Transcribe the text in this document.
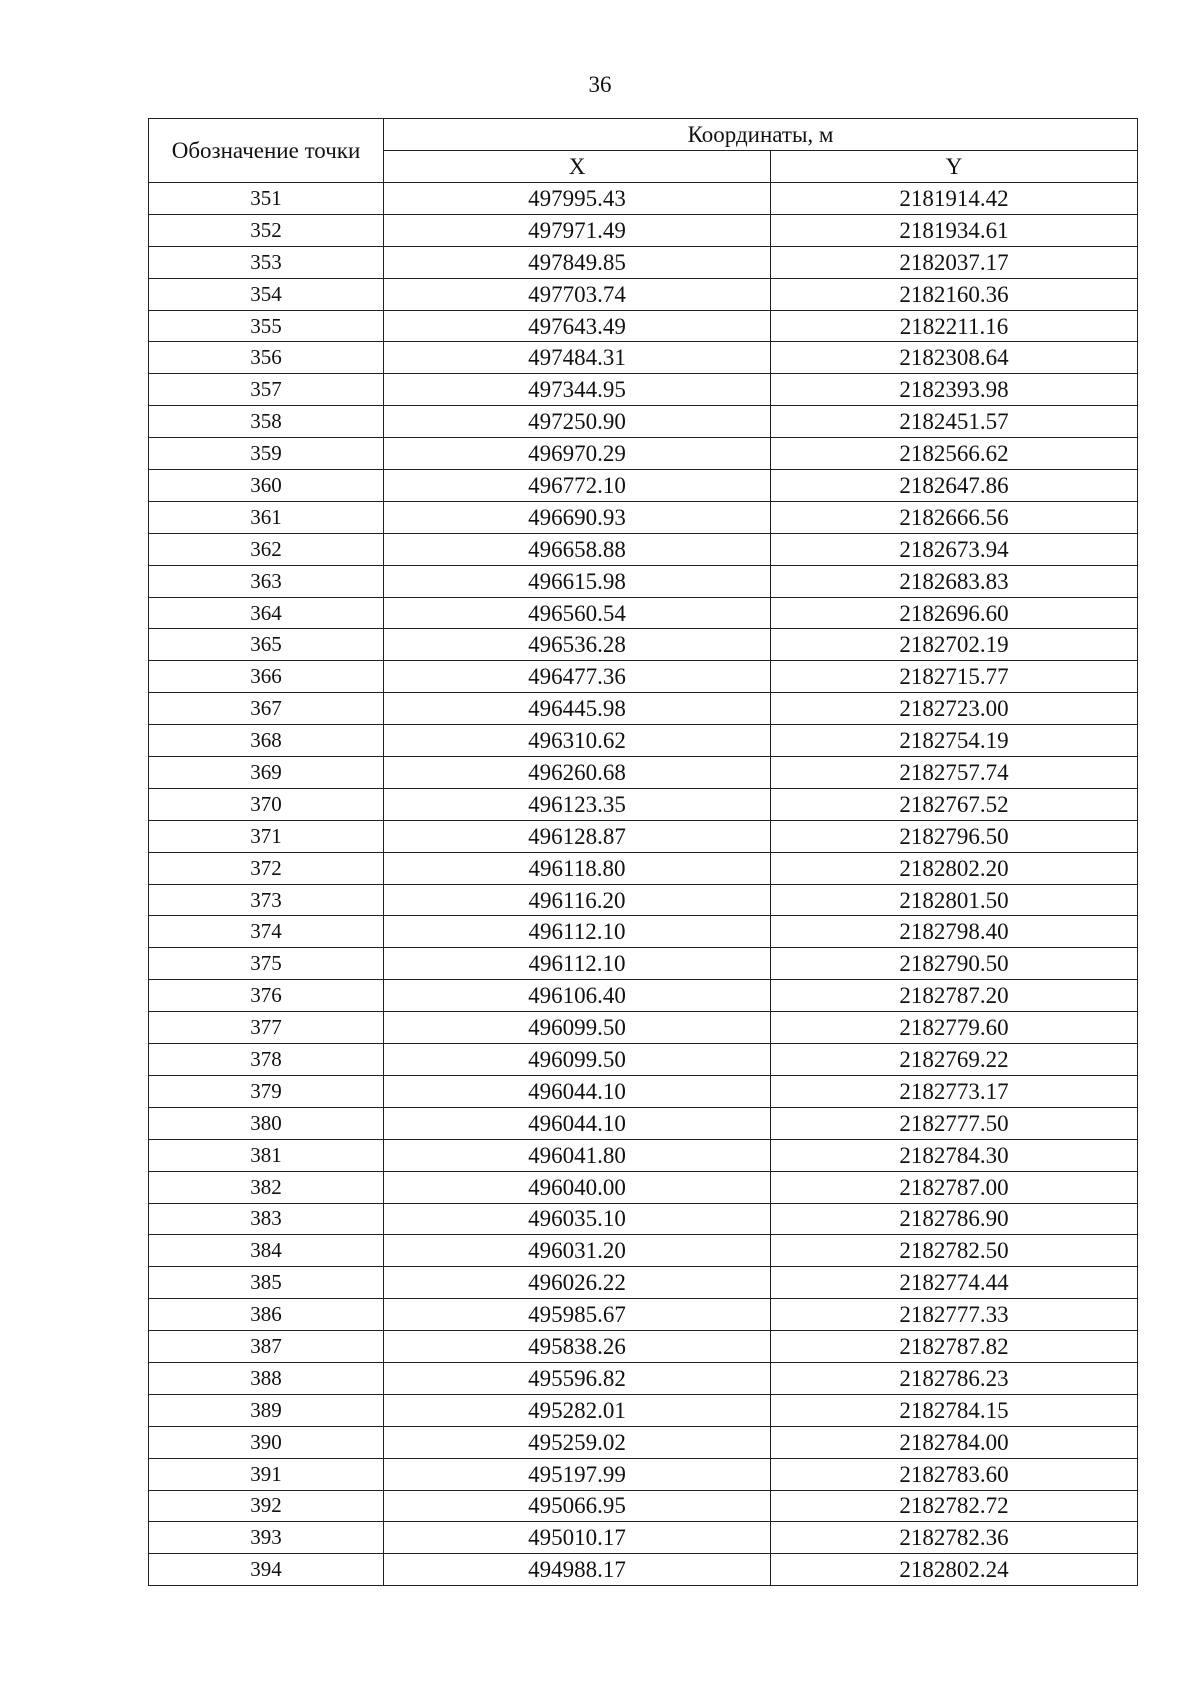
36
Обозначение точки	Координаты, м	
	X	Y
351	497995.43	2181914.42
352	497971.49	2181934.61
353	497849.85	2182037.17
354	497703.74	2182160.36
355	497643.49	2182211.16
356	497484.31	2182308.64
357	497344.95	2182393.98
358	497250.90	2182451.57
359	496970.29	2182566.62
360	496772.10	2182647.86
361	496690.93	2182666.56
362	496658.88	2182673.94
363	496615.98	2182683.83
364	496560.54	2182696.60
365	496536.28	2182702.19
366	496477.36	2182715.77
367	496445.98	2182723.00
368	496310.62	2182754.19
369	496260.68	2182757.74
370	496123.35	2182767.52
371	496128.87	2182796.50
372	496118.80	2182802.20
373	496116.20	2182801.50
374	496112.10	2182798.40
375	496112.10	2182790.50
376	496106.40	2182787.20
377	496099.50	2182779.60
378	496099.50	2182769.22
379	496044.10	2182773.17
380	496044.10	2182777.50
381	496041.80	2182784.30
382	496040.00	2182787.00
383	496035.10	2182786.90
384	496031.20	2182782.50
385	496026.22	2182774.44
386	495985.67	2182777.33
387	495838.26	2182787.82
388	495596.82	2182786.23
389	495282.01	2182784.15
390	495259.02	2182784.00
391	495197.99	2182783.60
392	495066.95	2182782.72
393	495010.17	2182782.36
394	494988.17	2182802.24
